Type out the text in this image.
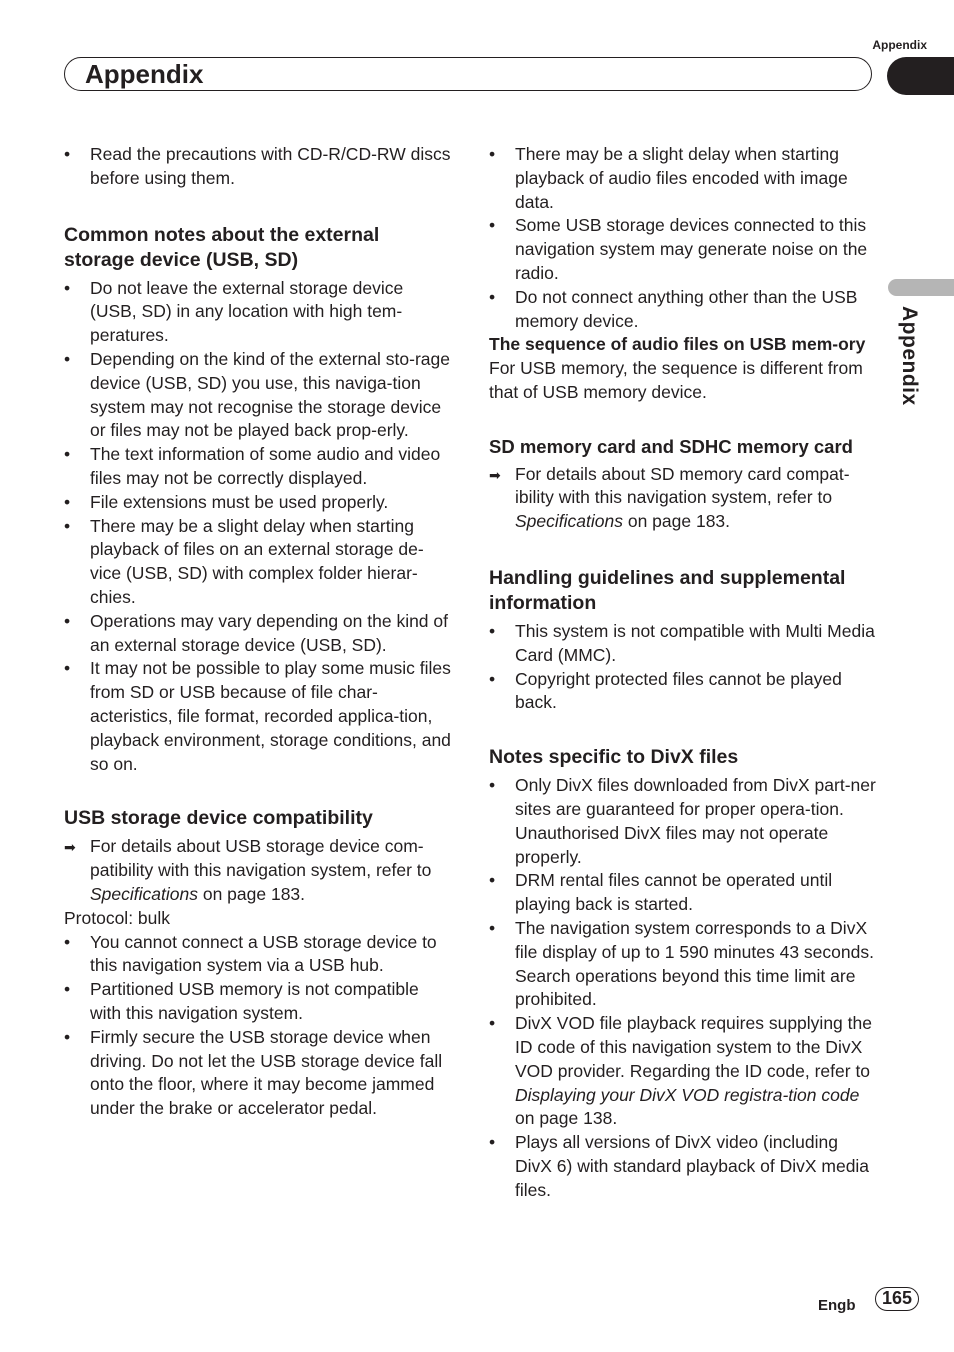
Appendix
Appendix
Appendix
•
Read the precautions with CD-R/CD-RW discs before using them.
Common notes about the external storage device (USB, SD)
•
Do not leave the external storage device (USB, SD) in any location with high tem-peratures.
•
Depending on the kind of the external sto-rage device (USB, SD) you use, this naviga-tion system may not recognise the storage device or files may not be played back prop-erly.
•
The text information of some audio and video files may not be correctly displayed.
•
File extensions must be used properly.
•
There may be a slight delay when starting playback of files on an external storage de-vice (USB, SD) with complex folder hierar-chies.
•
Operations may vary depending on the kind of an external storage device (USB, SD).
•
It may not be possible to play some music files from SD or USB because of file char-acteristics, file format, recorded applica-tion, playback environment, storage conditions, and so on.
USB storage device compatibility
➡
For details about USB storage device com-patibility with this navigation system, refer to Specifications on page 183.

Protocol: bulk

•
You cannot connect a USB storage device to this navigation system via a USB hub.
•
Partitioned USB memory is not compatible with this navigation system.
•
Firmly secure the USB storage device when driving. Do not let the USB storage device fall onto the floor, where it may become jammed under the brake or accelerator pedal.
•
There may be a slight delay when starting playback of audio files encoded with image data.
•
Some USB storage devices connected to this navigation system may generate noise on the radio.
•
Do not connect anything other than the USB memory device.
The sequence of audio files on USB mem-ory

For USB memory, the sequence is different from that of USB memory device.

SD memory card and SDHC memory card
➡
For details about SD memory card compat-ibility with this navigation system, refer to Specifications on page 183.
Handling guidelines and supplemental information
•
This system is not compatible with Multi Media Card (MMC).
•
Copyright protected files cannot be played back.
Notes specific to DivX files
•
Only DivX files downloaded from DivX part-ner sites are guaranteed for proper opera-tion. Unauthorised DivX files may not operate properly.
•
DRM rental files cannot be operated until playing back is started.
•
The navigation system corresponds to a DivX file display of up to 1 590 minutes 43 seconds. Search operations beyond this time limit are prohibited.
•
DivX VOD file playback requires supplying the ID code of this navigation system to the DivX VOD provider. Regarding the ID code, refer to Displaying your DivX VOD registra-tion code on page 138.
•
Plays all versions of DivX video (including DivX 6) with standard playback of DivX media files.
Engb	165
